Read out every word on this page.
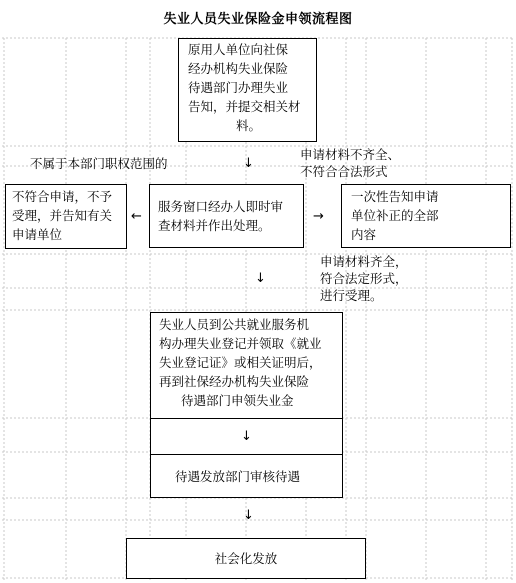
失业人员失业保险金申领流程图
原用人单位向社保
经办机构失业保险
待遇部门办理失业
告知，并提交相关材
料。
不属于本部门职权范围的	↓
申请材料不齐全、
不符合合法形式
不符合申请，不予
受理，并告知有关
申请单位
←
服务窗口经办人即时审
查材料并作出处理。
→
一次性告知申请
单位补正的全部
内容
↓
申请材料齐全，
符合法定形式，
进行受理。
失业人员到公共就业服务机
构办理失业登记并领取《就业
失业登记证》或相关证明后，
再到社保经办机构失业保险
待遇部门申领失业金
↓
待遇发放部门审核待遇
↓
社会化发放
